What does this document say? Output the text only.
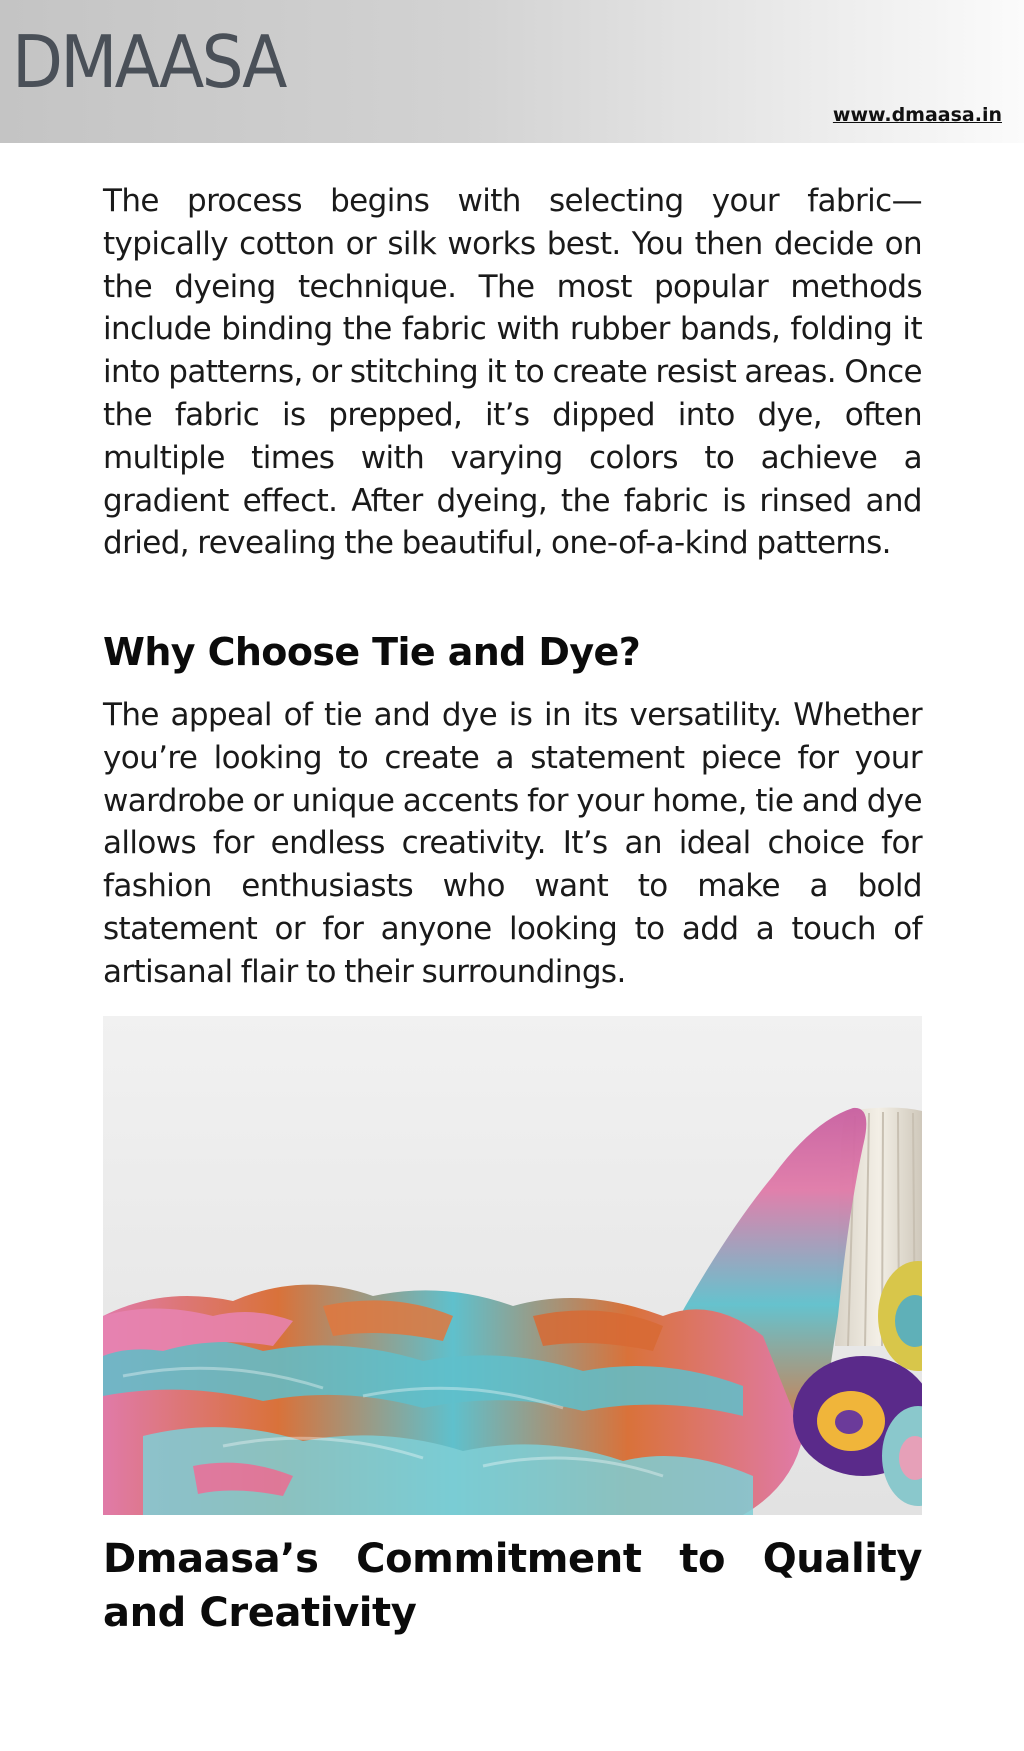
DMAASA
www.dmaasa.in
The process begins with selecting your fabric—typically cotton or silk works best. You then decide on the dyeing technique. The most popular methods include binding the fabric with rubber bands, folding it into patterns, or stitching it to create resist areas. Once the fabric is prepped, it’s dipped into dye, often multiple times with varying colors to achieve a gradient effect. After dyeing, the fabric is rinsed and dried, revealing the beautiful, one-of-a-kind patterns.
Why Choose Tie and Dye?
The appeal of tie and dye is in its versatility. Whether you’re looking to create a statement piece for your wardrobe or unique accents for your home, tie and dye allows for endless creativity. It’s an ideal choice for fashion enthusiasts who want to make a bold statement or for anyone looking to add a touch of artisanal flair to their surroundings.
Dmaasa’s Commitment to Quality and Creativity
